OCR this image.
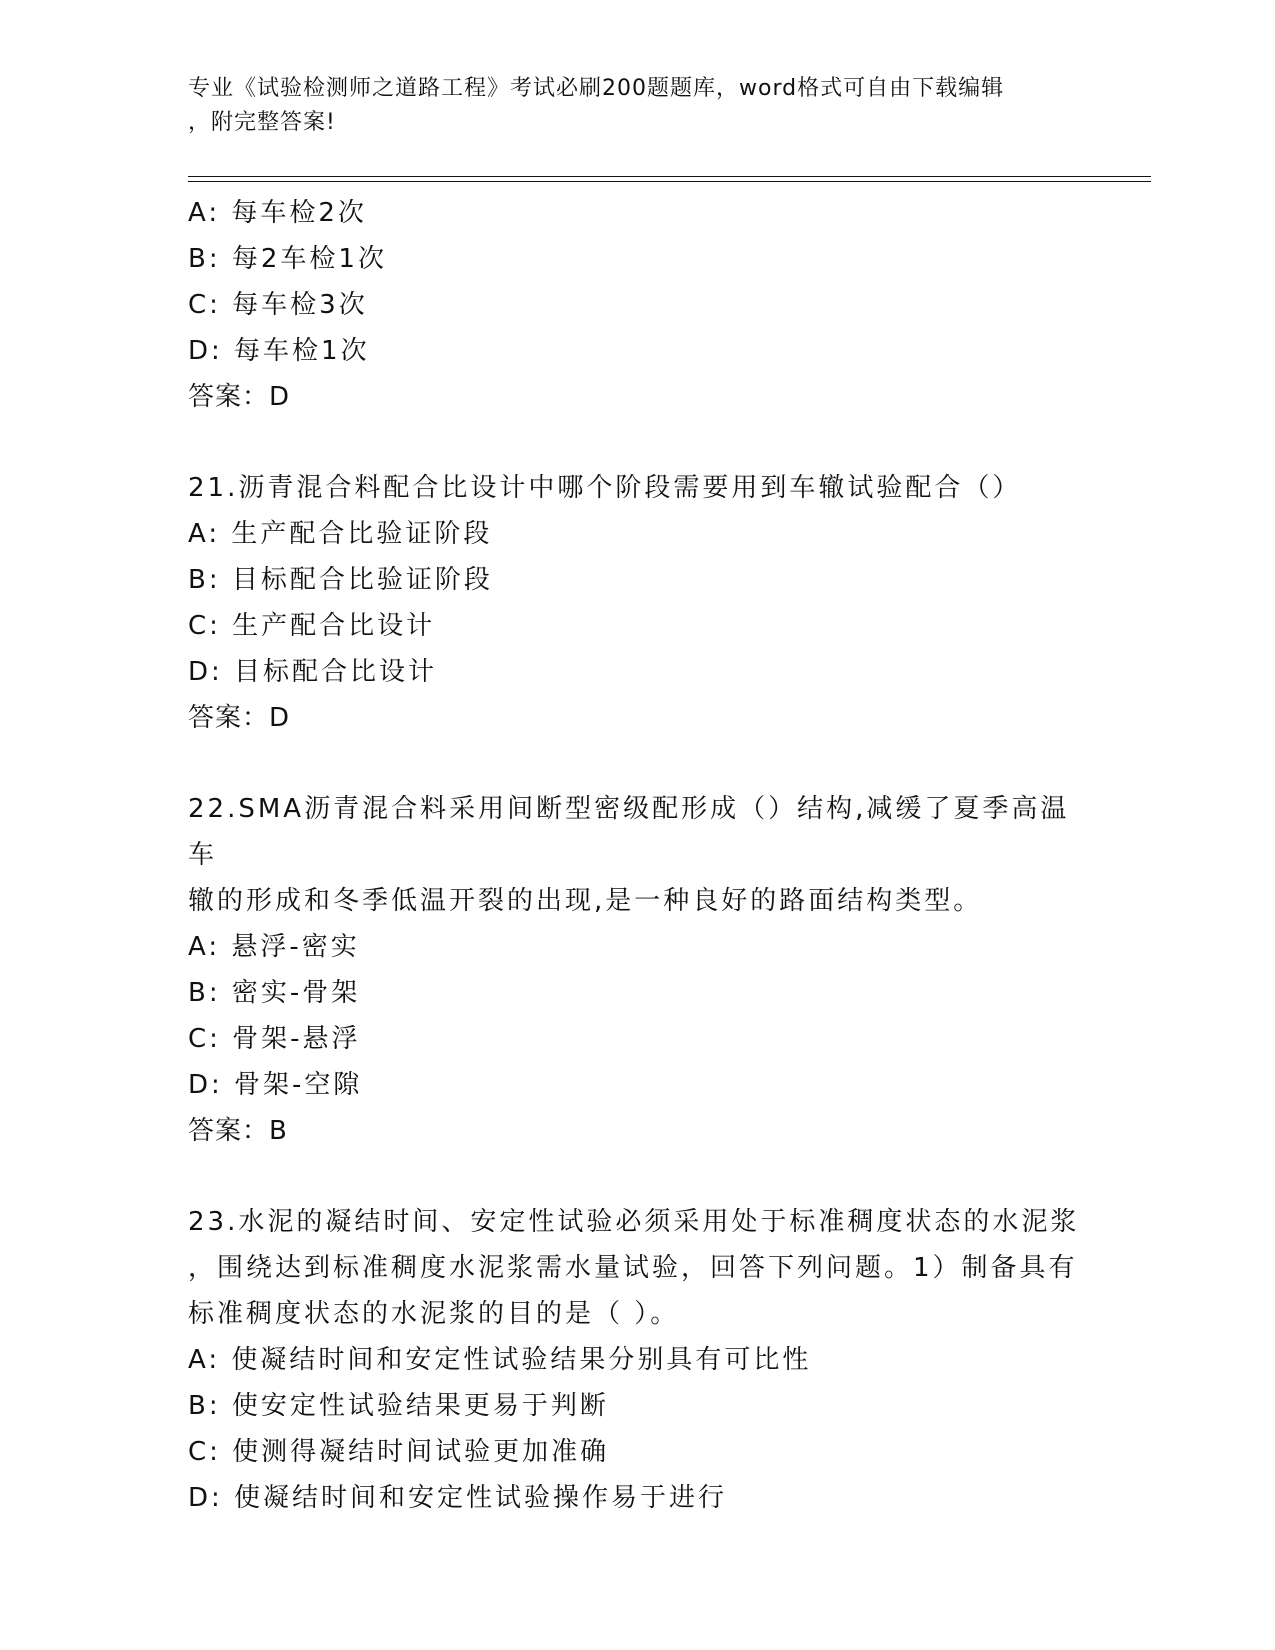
专业《试验检测师之道路工程》考试必刷200题题库，word格式可自由下载编辑
，附完整答案!
A: 每车检2次
B: 每2车检1次
C: 每车检3次
D: 每车检1次
答案：D
21.沥青混合料配合比设计中哪个阶段需要用到车辙试验配合（）
A: 生产配合比验证阶段
B: 目标配合比验证阶段
C: 生产配合比设计
D: 目标配合比设计
答案：D
22.SMA沥青混合料采用间断型密级配形成（）结构,减缓了夏季高温车
辙的形成和冬季低温开裂的出现,是一种良好的路面结构类型。
A: 悬浮-密实
B: 密实-骨架
C: 骨架-悬浮
D: 骨架-空隙
答案：B
23.水泥的凝结时间、安定性试验必须采用处于标准稠度状态的水泥浆
，围绕达到标准稠度水泥浆需水量试验，回答下列问题。1）制备具有
标准稠度状态的水泥浆的目的是（ ）。
A: 使凝结时间和安定性试验结果分别具有可比性
B: 使安定性试验结果更易于判断
C: 使测得凝结时间试验更加准确
D: 使凝结时间和安定性试验操作易于进行
